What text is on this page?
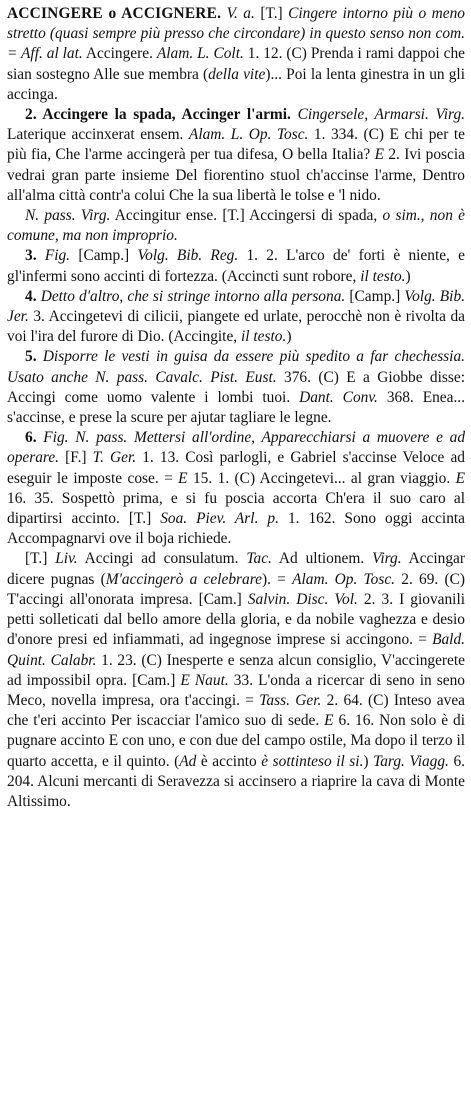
ACCINGERE o ACCIGNERE. V. a. [T.] Cingere intorno più o meno stretto (quasi sempre più presso che circondare) in questo senso non com. = Aff. al lat. Accingere. Alam. L. Colt. 1. 12. (C) Prenda i rami dappoi che sian sostegno Alle sue membra (della vite)... Poi la lenta ginestra in un gli accinga.

2. Accingere la spada, Accinger l'armi. Cingersele, Armarsi. Virg. Laterique accinxerat ensem. Alam. L. Op. Tosc. 1. 334. (C) E chi per te più fia, Che l'arme accingerà per tua difesa, O bella Italia? E 2. Ivi poscia vedrai gran parte insieme Del fiorentino stuol ch'accinse l'arme, Dentro all'alma città contr'a colui Che la sua libertà le tolse e 'l nido.

N. pass. Virg. Accingitur ense. [T.] Accingersi di spada, o sim., non è comune, ma non improprio.

3. Fig. [Camp.] Volg. Bib. Reg. 1. 2. L'arco de' forti è niente, e gl'infermi sono accinti di fortezza. (Accincti sunt robore, il testo.)

4. Detto d'altro, che si stringe intorno alla persona. [Camp.] Volg. Bib. Jer. 3. Accingetevi di cilicii, piangete ed urlate, perocchè non è rivolta da voi l'ira del furore di Dio. (Accingite, il testo.)

5. Disporre le vesti in guisa da essere più spedito a far chechessia. Usato anche N. pass. Cavalc. Pist. Eust. 376. (C) E a Giobbe disse: Accingi come uomo valente i lombi tuoi. Dant. Conv. 368. Enea... s'accinse, e prese la scure per ajutar tagliare le legne.

6. Fig. N. pass. Mettersi all'ordine, Apparecchiarsi a muovere e ad operare. [F.] T. Ger. 1. 13. Così parlogli, e Gabriel s'accinse Veloce ad eseguir le imposte cose. = E 15. 1. (C) Accingetevi... al gran viaggio. E 16. 35. Sospettò prima, e si fu poscia accorta Ch'era il suo caro al dipartirsi accinto. [T.] Soa. Piev. Arl. p. 1. 162. Sono oggi accinta Accompagnarvi ove il boja richiede.

[T.] Liv. Accingi ad consulatum. Tac. Ad ultionem. Virg. Accingar dicere pugnas (M'accingerò a celebrare). = Alam. Op. Tosc. 2. 69. (C) T'accingi all'onorata impresa. [Cam.] Salvin. Disc. Vol. 2. 3. I giovanili petti solleticati dal bello amore della gloria, e da nobile vaghezza e desio d'onore presi ed infiammati, ad ingegnose imprese si accingono. = Bald. Quint. Calabr. 1. 23. (C) Inesperte e senza alcun consiglio, V'accingerete ad impossibil opra. [Cam.] E Naut. 33. L'onda a ricercar di seno in seno Meco, novella impresa, ora t'accingi. = Tass. Ger. 2. 64. (C) Inteso avea che t'eri accinto Per iscacciar l'amico suo di sede. E 6. 16. Non solo è di pugnare accinto E con uno, e con due del campo ostile, Ma dopo il terzo il quarto accetta, e il quinto. (Ad è accinto è sottinteso il si.) Targ. Viagg. 6. 204. Alcuni mercanti di Seravezza si accinsero a riaprire la cava di Monte Altissimo.
